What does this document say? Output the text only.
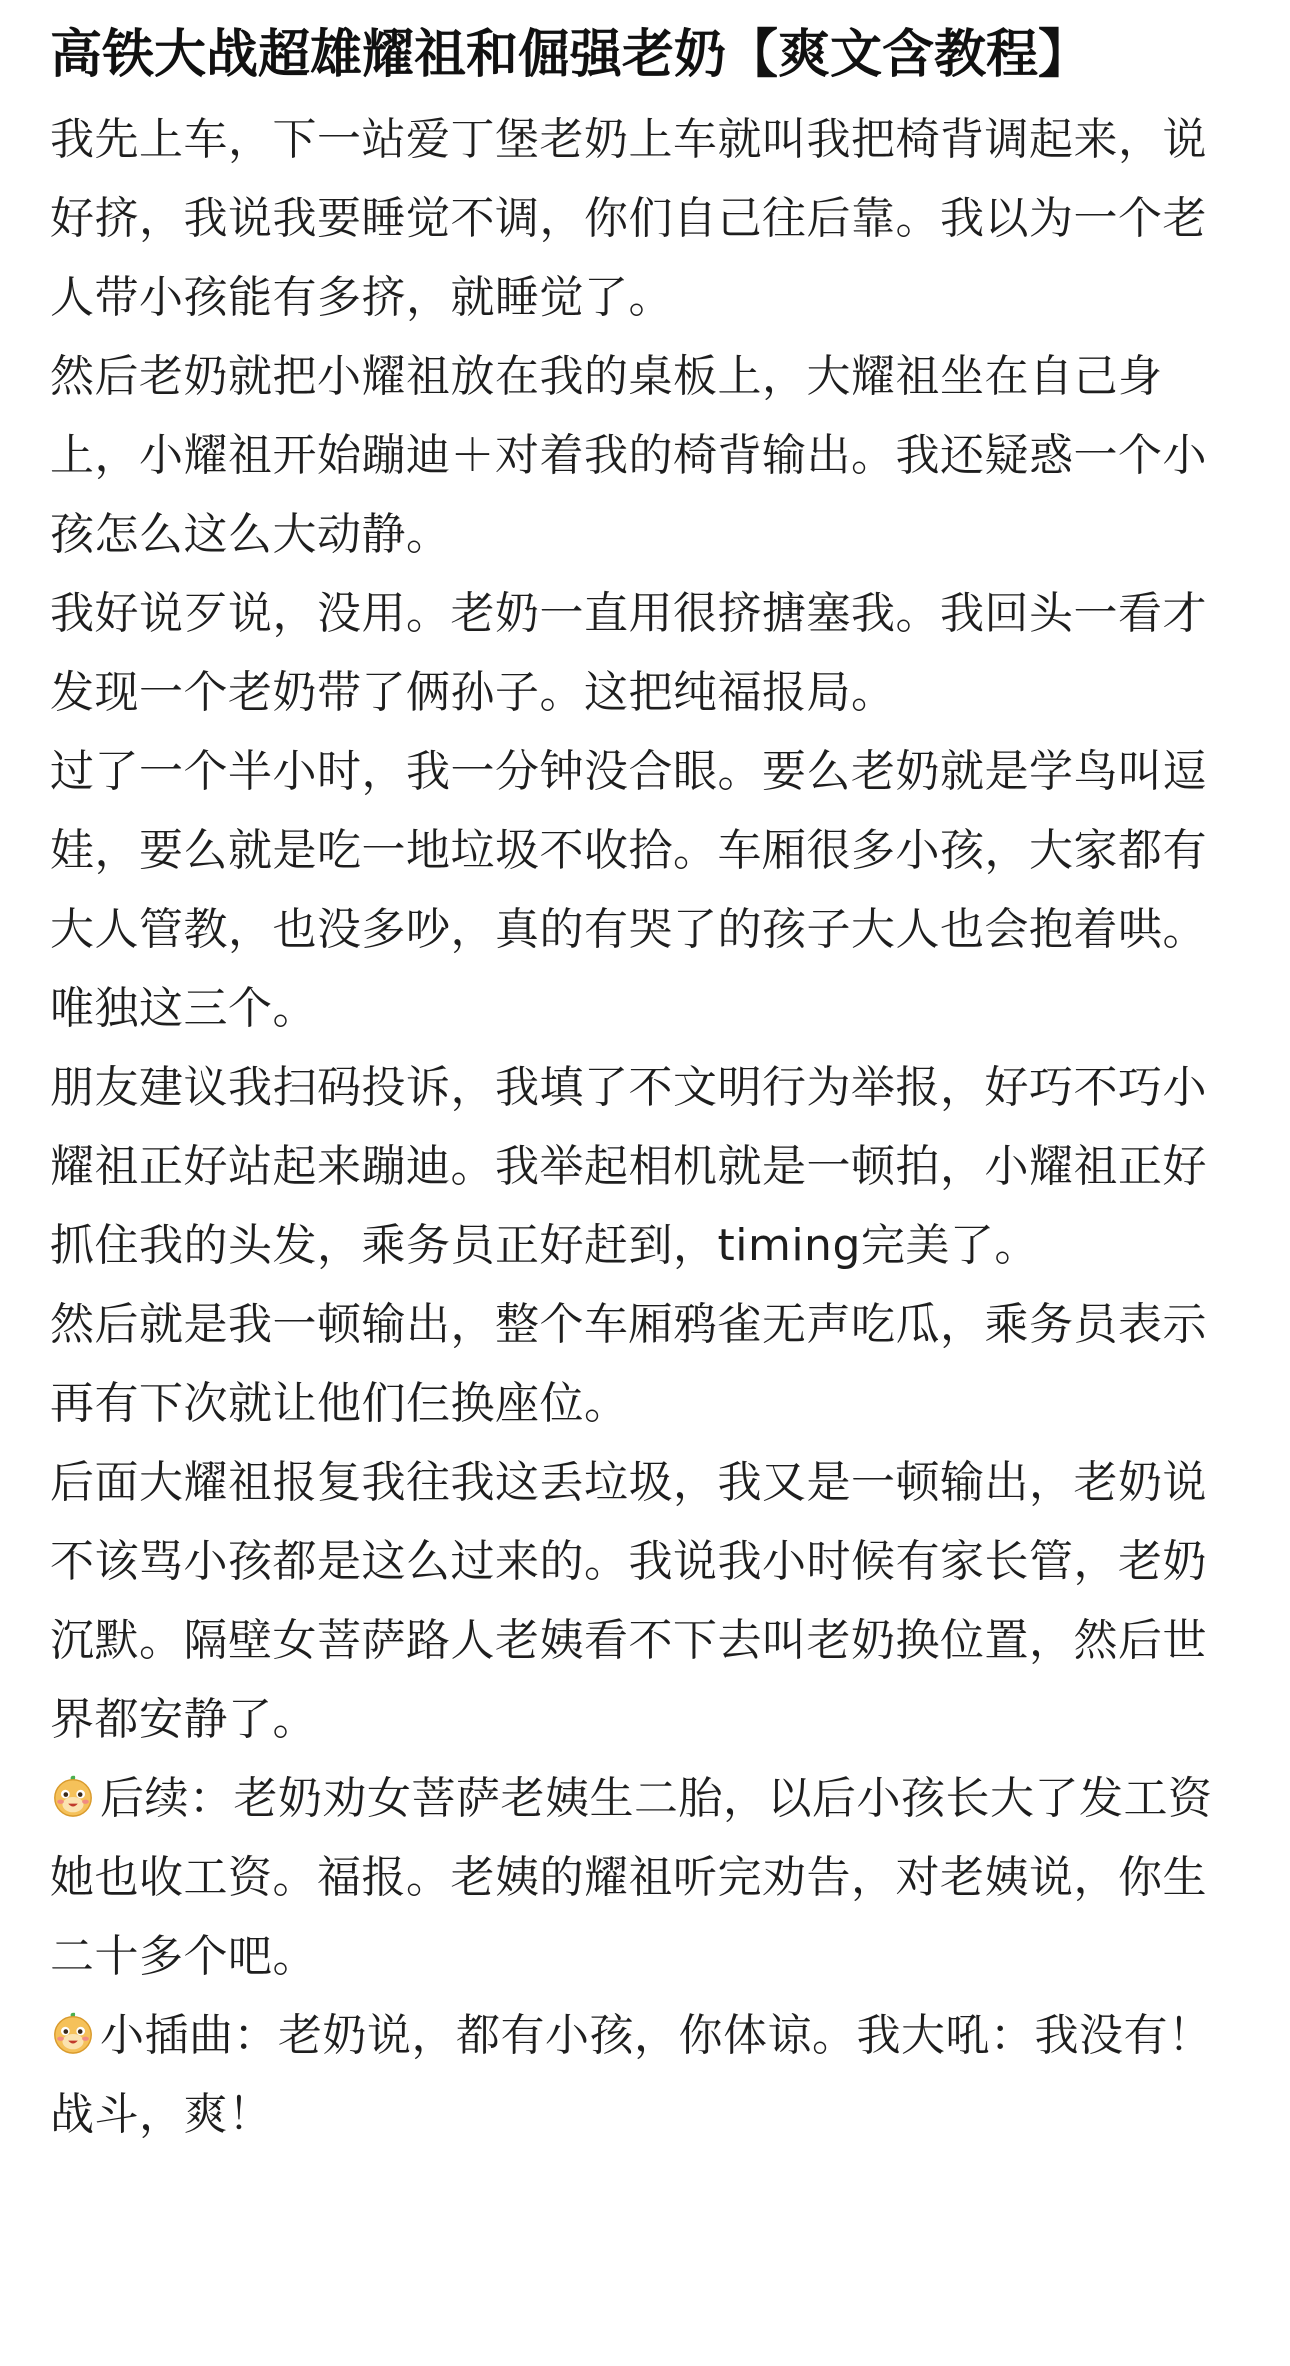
高铁大战超雄耀祖和倔强老奶【爽文含教程】

我先上车，下一站爱丁堡老奶上车就叫我把椅背调起来，说好挤，我说我要睡觉不调，你们自己往后靠。我以为一个老人带小孩能有多挤，就睡觉了。

然后老奶就把小耀祖放在我的桌板上，大耀祖坐在自己身上，小耀祖开始蹦迪＋对着我的椅背输出。我还疑惑一个小孩怎么这么大动静。

我好说歹说，没用。老奶一直用很挤搪塞我。我回头一看才发现一个老奶带了俩孙子。这把纯福报局。

过了一个半小时，我一分钟没合眼。要么老奶就是学鸟叫逗娃，要么就是吃一地垃圾不收拾。车厢很多小孩，大家都有大人管教，也没多吵，真的有哭了的孩子大人也会抱着哄。唯独这三个。

朋友建议我扫码投诉，我填了不文明行为举报，好巧不巧小耀祖正好站起来蹦迪。我举起相机就是一顿拍，小耀祖正好抓住我的头发，乘务员正好赶到，timing完美了。

然后就是我一顿输出，整个车厢鸦雀无声吃瓜，乘务员表示再有下次就让他们仨换座位。

后面大耀祖报复我往我这丢垃圾，我又是一顿输出，老奶说不该骂小孩都是这么过来的。我说我小时候有家长管，老奶沉默。隔壁女菩萨路人老姨看不下去叫老奶换位置，然后世界都安静了。

后续：老奶劝女菩萨老姨生二胎，以后小孩长大了发工资她也收工资。福报。老姨的耀祖听完劝告，对老姨说，你生二十多个吧。

小插曲：老奶说，都有小孩，你体谅。我大吼：我没有！

战斗，爽！
